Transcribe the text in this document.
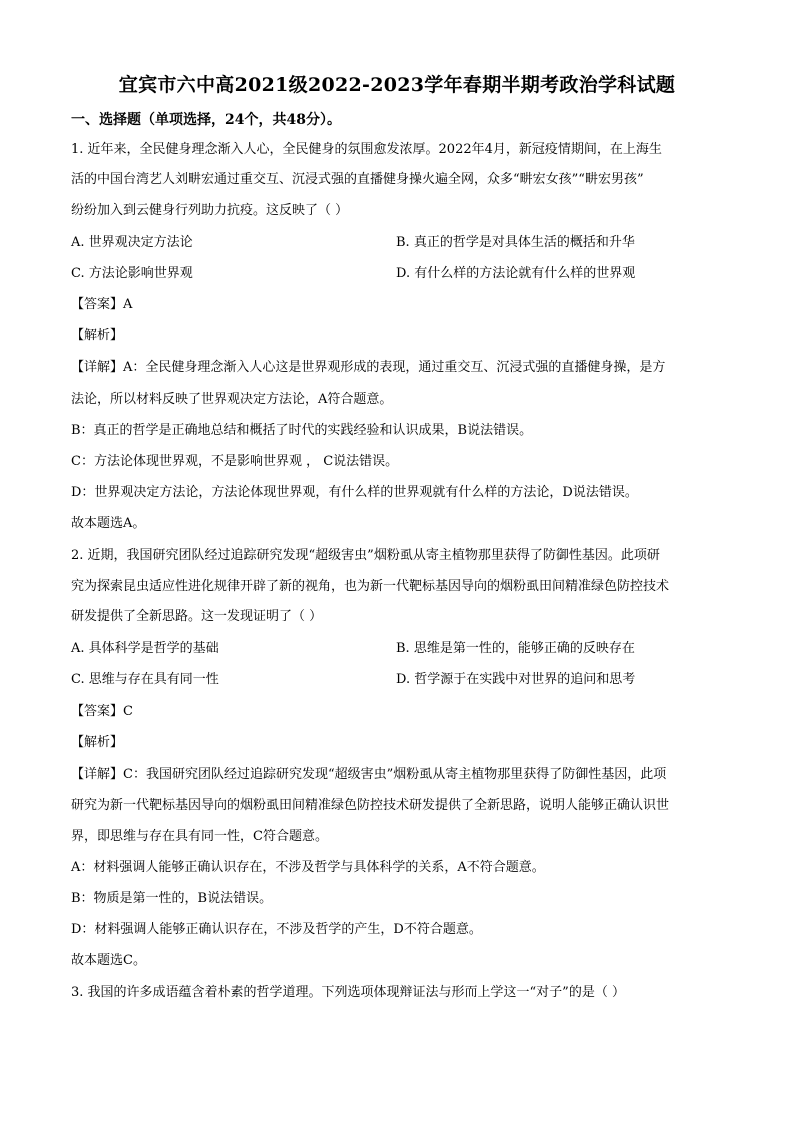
宜宾市六中高2021级2022-2023学年春期半期考政治学科试题
一、选择题（单项选择，24个，共48分）。
1. 近年来，全民健身理念渐入人心，全民健身的氛围愈发浓厚。2022年4月，新冠疫情期间，在上海生
活的中国台湾艺人刘畊宏通过重交互、沉浸式强的直播健身操火遍全网，众多“畊宏女孩”“畊宏男孩”
纷纷加入到云健身行列助力抗疫。这反映了（ ）
A. 世界观决定方法论	B. 真正的哲学是对具体生活的概括和升华
C. 方法论影响世界观	D. 有什么样的方法论就有什么样的世界观
【答案】A
【解析】
【详解】A：全民健身理念渐入人心这是世界观形成的表现，通过重交互、沉浸式强的直播健身操，是方
法论，所以材料反映了世界观决定方法论，A符合题意。
B：真正的哲学是正确地总结和概括了时代的实践经验和认识成果，B说法错误。
C：方法论体现世界观，不是影响世界观 ， C说法错误。
D：世界观决定方法论，方法论体现世界观，有什么样的世界观就有什么样的方法论，D说法错误。
故本题选A。
2. 近期，我国研究团队经过追踪研究发现“超级害虫”烟粉虱从寄主植物那里获得了防御性基因。此项研
究为探索昆虫适应性进化规律开辟了新的视角，也为新一代靶标基因导向的烟粉虱田间精准绿色防控技术
研发提供了全新思路。这一发现证明了（ ）
A. 具体科学是哲学的基础	B. 思维是第一性的，能够正确的反映存在
C. 思维与存在具有同一性	D. 哲学源于在实践中对世界的追问和思考
【答案】C
【解析】
【详解】C：我国研究团队经过追踪研究发现“超级害虫”烟粉虱从寄主植物那里获得了防御性基因，此项
研究为新一代靶标基因导向的烟粉虱田间精准绿色防控技术研发提供了全新思路，说明人能够正确认识世
界，即思维与存在具有同一性，C符合题意。
A：材料强调人能够正确认识存在，不涉及哲学与具体科学的关系，A不符合题意。
B：物质是第一性的，B说法错误。
D：材料强调人能够正确认识存在，不涉及哲学的产生，D不符合题意。
故本题选C。
3. 我国的许多成语蕴含着朴素的哲学道理。下列选项体现辩证法与形而上学这一“对子”的是（ ）
